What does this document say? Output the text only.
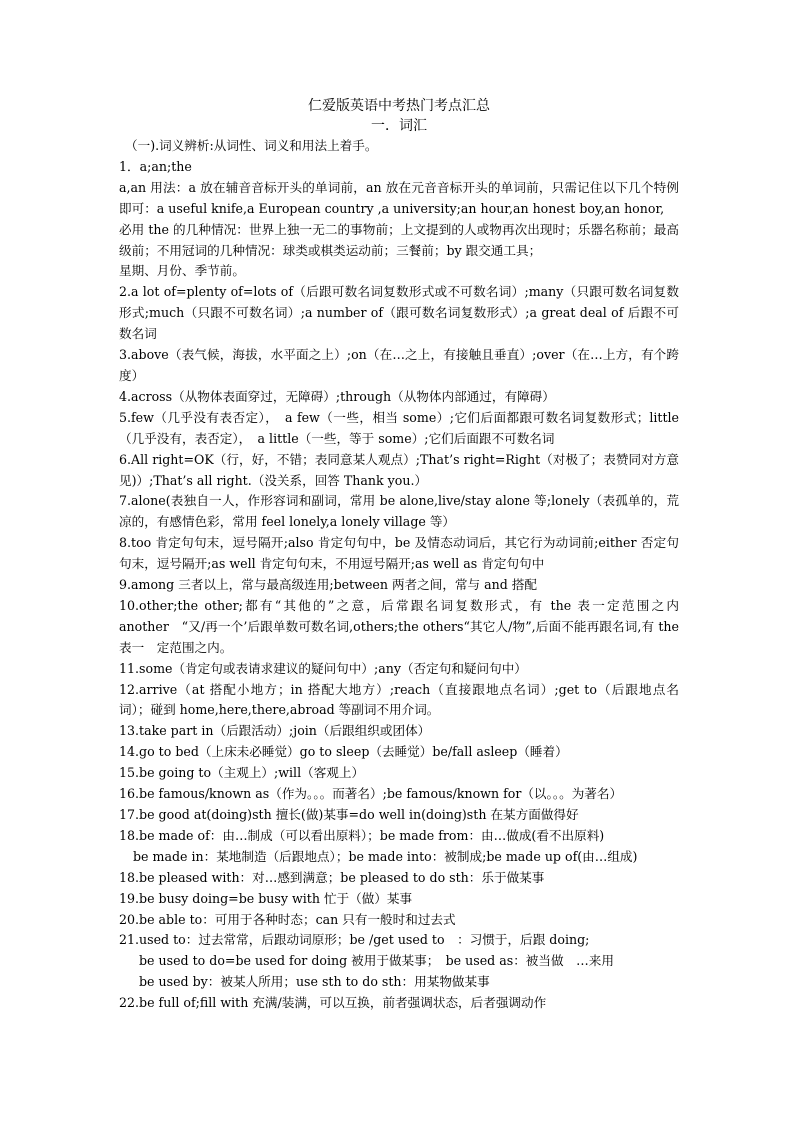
仁爱版英语中考热门考点汇总

一．词汇

（一).词义辨析:从词性、词义和用法上着手。

1．a;an;the

a,an 用法：a 放在辅音音标开头的单词前，an 放在元音音标开头的单词前，只需记住以下几个特例即可：a useful knife,a European country ,a university;an hour,an honest boy,an honor,

必用 the 的几种情况：世界上独一无二的事物前；上文提到的人或物再次出现时；乐器名称前；最高级前；不用冠词的几种情况：球类或棋类运动前；三餐前；by 跟交通工具；

星期、月份、季节前。

2.a lot of=plenty of=lots of（后跟可数名词复数形式或不可数名词）;many（只跟可数名词复数形式;much（只跟不可数名词）;a number of（跟可数名词复数形式）;a great deal of 后跟不可数名词

3.above（表气候，海拔，水平面之上）;on（在…之上，有接触且垂直）;over（在…上方，有个跨度）

4.across（从物体表面穿过，无障碍）;through（从物体内部通过，有障碍）

5.few（几乎没有表否定），　a few（一些，相当 some）;它们后面都跟可数名词复数形式；little（几乎没有，表否定），　a little（一些，等于 some）;它们后面跟不可数名词

6.All right=OK（行，好，不错；表同意某人观点）;That’s right=Right（对极了；表赞同对方意见)）;That’s all right.（没关系，回答 Thank you.）

7.alone(表独自一人，作形容词和副词，常用 be alone,live/stay alone 等;lonely（表孤单的，荒凉的，有感情色彩，常用 feel lonely,a lonely village 等）

8.too 肯定句句末，逗号隔开;also 肯定句句中，be 及情态动词后，其它行为动词前;either 否定句句末，逗号隔开;as well 肯定句句末，不用逗号隔开;as well as 肯定句句中

9.among 三者以上，常与最高级连用;between 两者之间，常与 and 搭配

10.other;the other;都有“其他的”之意，后常跟名词复数形式，有 the 表一定范围之内 another　“又/再一个’后跟单数可数名词,others;the others“其它人/物”,后面不能再跟名词,有 the 表一　定范围之内。

11.some（肯定句或表请求建议的疑问句中）;any（否定句和疑问句中）

12.arrive（at 搭配小地方；in 搭配大地方）;reach（直接跟地点名词）;get to（后跟地点名　词）；碰到 home,here,there,abroad 等副词不用介词。

13.take part in（后跟活动）;join（后跟组织或团体）

14.go to bed（上床未必睡觉）go to sleep（去睡觉）be/fall asleep（睡着）

15.be going to（主观上）;will（客观上）

16.be famous/known as（作为。。。而著名）;be famous/known for（以。。。为著名）

17.be good at(doing)sth 擅长(做)某事=do well in(doing)sth 在某方面做得好

18.be made of：由…制成（可以看出原料）；be made from：由…做成(看不出原料)

be made in：某地制造（后跟地点）；be made into：被制成;be made up of(由…组成)

18.be pleased with：对…感到满意；be pleased to do sth：乐于做某事

19.be busy doing=be busy with 忙于（做）某事

20.be able to：可用于各种时态；can 只有一般时和过去式

21.used to：过去常常，后跟动词原形；be /get used to　：习惯于，后跟 doing;

be used to do=be used for doing 被用于做某事；　be used as：被当做　…来用

be used by：被某人所用；use sth to do sth：用某物做某事

22.be full of;fill with 充满/装满，可以互换，前者强调状态，后者强调动作
